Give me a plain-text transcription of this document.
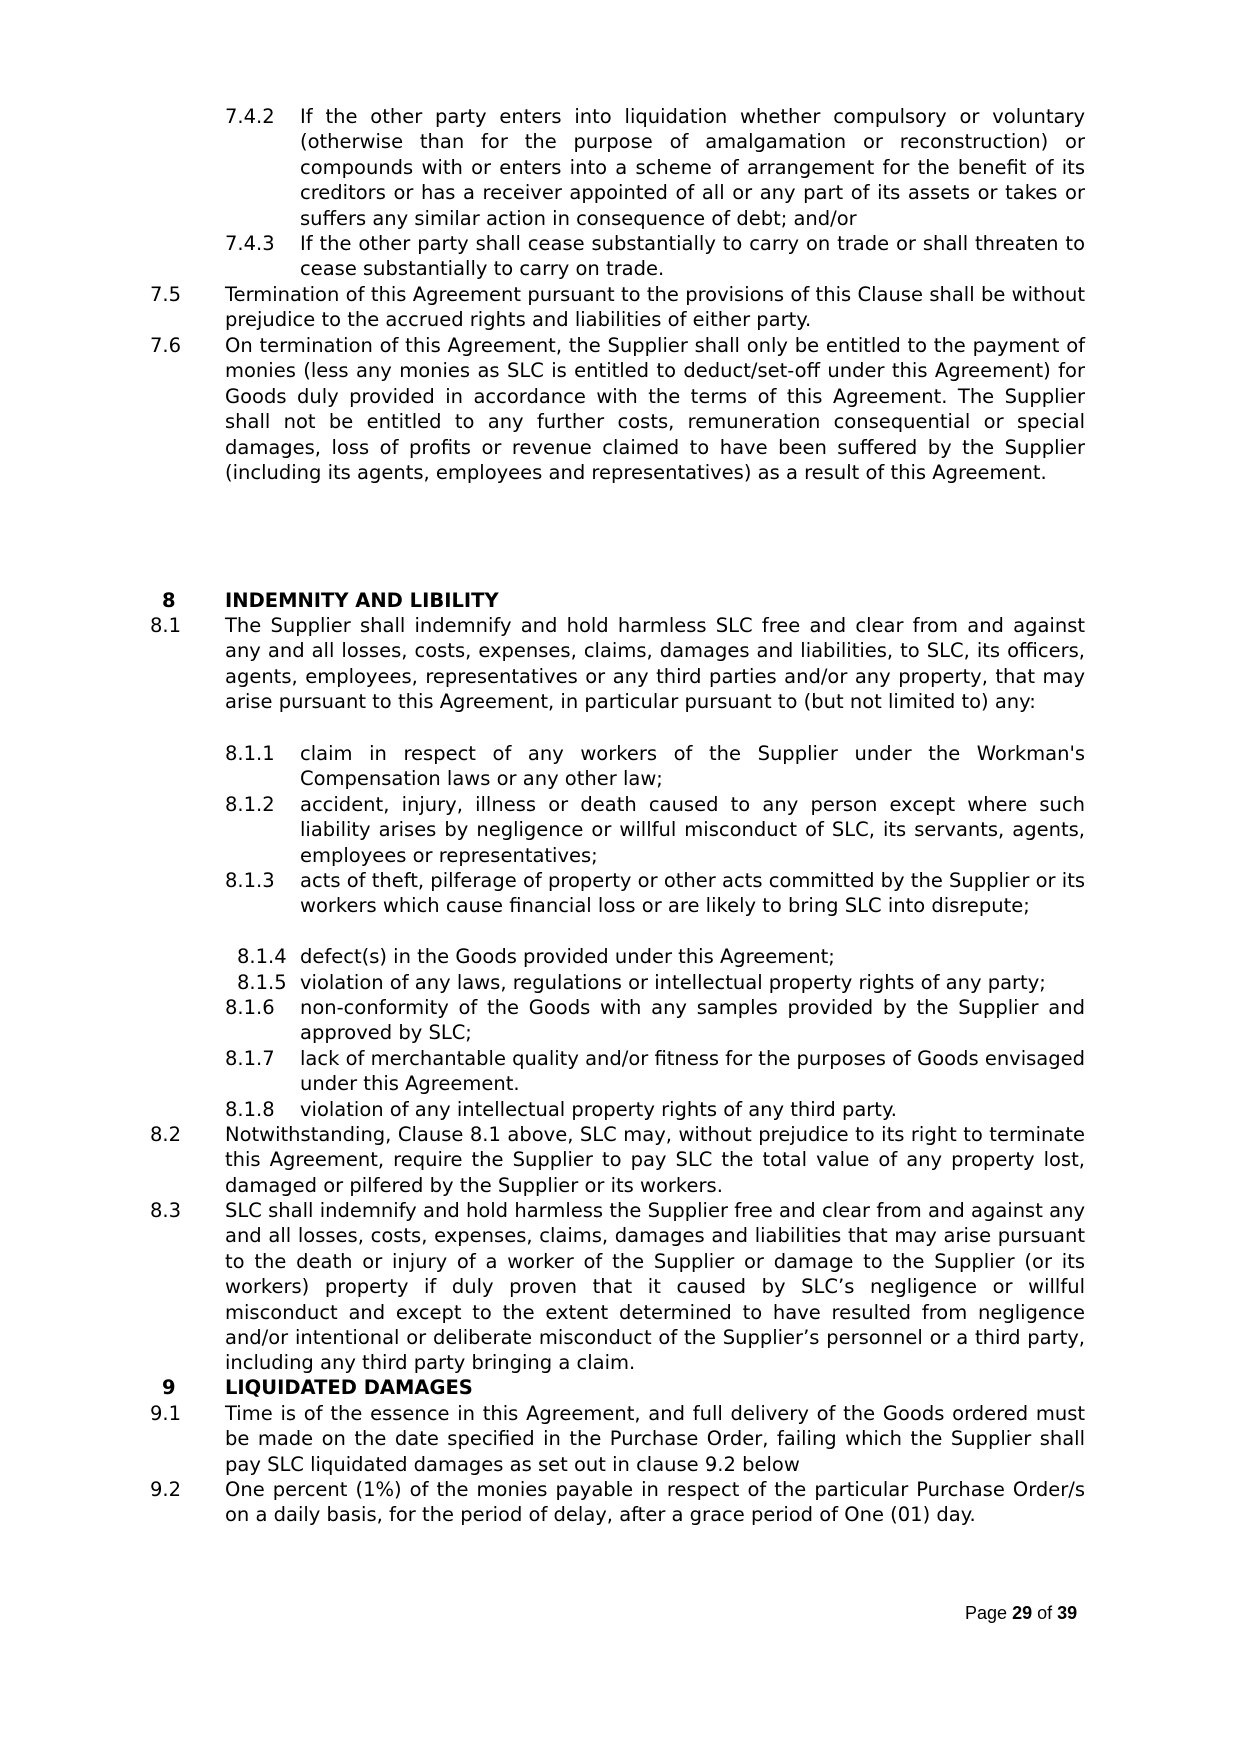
7.4.2 If the other party enters into liquidation whether compulsory or voluntary (otherwise than for the purpose of amalgamation or reconstruction) or compounds with or enters into a scheme of arrangement for the benefit of its creditors or has a receiver appointed of all or any part of its assets or takes or suffers any similar action in consequence of debt; and/or
7.4.3 If the other party shall cease substantially to carry on trade or shall threaten to cease substantially to carry on trade.
7.5 Termination of this Agreement pursuant to the provisions of this Clause shall be without prejudice to the accrued rights and liabilities of either party.
7.6 On termination of this Agreement, the Supplier shall only be entitled to the payment of monies (less any monies as SLC is entitled to deduct/set-off under this Agreement) for Goods duly provided in accordance with the terms of this Agreement. The Supplier shall not be entitled to any further costs, remuneration consequential or special damages, loss of profits or revenue claimed to have been suffered by the Supplier (including its agents, employees and representatives) as a result of this Agreement.
8	INDEMNITY AND LIBILITY
8.1 The Supplier shall indemnify and hold harmless SLC free and clear from and against any and all losses, costs, expenses, claims, damages and liabilities, to SLC, its officers, agents, employees, representatives or any third parties and/or any property, that may arise pursuant to this Agreement, in particular pursuant to (but not limited to) any:
8.1.1 claim in respect of any workers of the Supplier under the Workman's Compensation laws or any other law;
8.1.2 accident, injury, illness or death caused to any person except where such liability arises by negligence or willful misconduct of SLC, its servants, agents, employees or representatives;
8.1.3 acts of theft, pilferage of property or other acts committed by the Supplier or its workers which cause financial loss or are likely to bring SLC into disrepute;
8.1.4 defect(s) in the Goods provided under this Agreement;
8.1.5 violation of any laws, regulations or intellectual property rights of any party;
8.1.6 non-conformity of the Goods with any samples provided by the Supplier and approved by SLC;
8.1.7 lack of merchantable quality and/or fitness for the purposes of Goods envisaged under this Agreement.
8.1.8 violation of any intellectual property rights of any third party.
8.2 Notwithstanding, Clause 8.1 above, SLC may, without prejudice to its right to terminate this Agreement, require the Supplier to pay SLC the total value of any property lost, damaged or pilfered by the Supplier or its workers.
8.3 SLC shall indemnify and hold harmless the Supplier free and clear from and against any and all losses, costs, expenses, claims, damages and liabilities that may arise pursuant to the death or injury of a worker of the Supplier or damage to the Supplier (or its workers) property if duly proven that it caused by SLC’s negligence or willful misconduct and except to the extent determined to have resulted from negligence and/or intentional or deliberate misconduct of the Supplier’s personnel or a third party, including any third party bringing a claim.
9	LIQUIDATED DAMAGES
9.1 Time is of the essence in this Agreement, and full delivery of the Goods ordered must be made on the date specified in the Purchase Order, failing which the Supplier shall pay SLC liquidated damages as set out in clause 9.2 below
9.2 One percent (1%) of the monies payable in respect of the particular Purchase Order/s on a daily basis, for the period of delay, after a grace period of One (01) day.
Page 29 of 39
